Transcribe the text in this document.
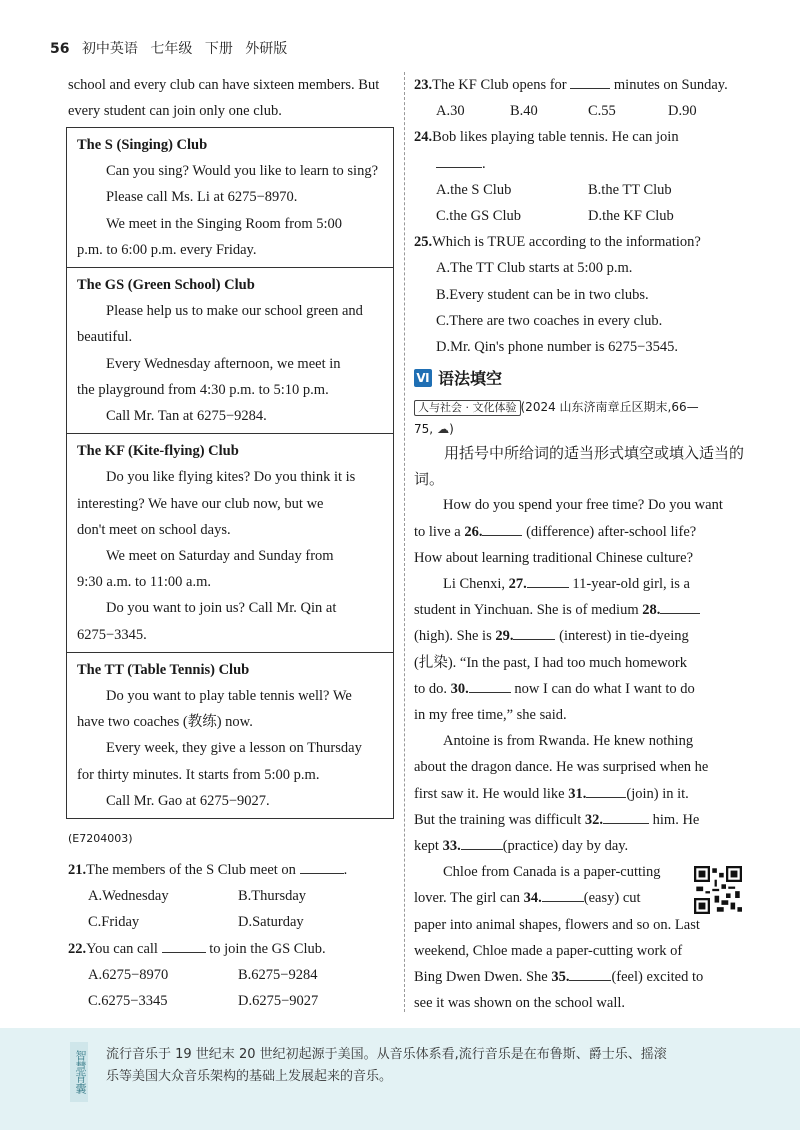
56 初中英语 七年级 下册 外研版

school and every club can have sixteen members. But

every student can join only one club.

The S (Singing) Club

Can you sing? Would you like to learn to sing?

Please call Ms. Li at 6275−8970.

We meet in the Singing Room from 5:00

p.m. to 6:00 p.m. every Friday.

The GS (Green School) Club

Please help us to make our school green and

beautiful.

Every Wednesday afternoon, we meet in

the playground from 4:30 p.m. to 5:10 p.m.

Call Mr. Tan at 6275−9284.

The KF (Kite-flying) Club

Do you like flying kites? Do you think it is

interesting? We have our club now, but we

don't meet on school days.

We meet on Saturday and Sunday from

9:30 a.m. to 11:00 a.m.

Do you want to join us? Call Mr. Qin at

6275−3345.

The TT (Table Tennis) Club

Do you want to play table tennis well? We

have two coaches (教练) now.

Every week, they give a lesson on Thursday

for thirty minutes. It starts from 5:00 p.m.

Call Mr. Gao at 6275−9027.

(E7204003)

21.The members of the S Club meet on	.

A.Wednesday	B.Thursday
C.Friday	D.Saturday

22.You can call	to join the GS Club.

A.6275−8970	B.6275−9284
C.6275−3345	D.6275−9027

23.The KF Club opens for	minutes on Sunday.

A.30	B.40	C.55	D.90

24.Bob likes playing table tennis. He can join

.

A.the S Club	B.the TT Club
C.the GS Club	D.the KF Club

25.Which is TRUE according to the information?

A.The TT Club starts at 5:00 p.m.

B.Every student can be in two clubs.

C.There are two coaches in every club.

D.Mr. Qin's phone number is 6275−3545.

Ⅵ 语法填空
人与社会 · 文化体验 (2024 山东济南章丘区期末,66—
75, ☁)

用括号中所给词的适当形式填空或填入适当的词。

How do you spend your free time? Do you want

to live a 26.	(difference) after-school life?

How about learning traditional Chinese culture?

Li Chenxi, 27.	11-year-old girl, is a

student in Yinchuan. She is of medium 28.

(high). She is 29.	(interest) in tie-dyeing

(扎染). “In the past, I had too much homework

to do. 30.	now I can do what I want to do

in my free time,” she said.

Antoine is from Rwanda. He knew nothing

about the dragon dance. He was surprised when he

first saw it. He would like 31.	(join) in it.

But the training was difficult 32.	him. He

kept 33.	(practice) day by day.

Chloe from Canada is a paper-cutting

lover. The girl can 34.	(easy) cut

paper into animal shapes, flowers and so on. Last

weekend, Chloe made a paper-cutting work of

Bing Dwen Dwen. She 35.	(feel) excited to

see it was shown on the school wall.

智慧背囊 流行音乐于 19 世纪末 20 世纪初起源于美国。从音乐体系看,流行音乐是在布鲁斯、爵士乐、摇滚
乐等美国大众音乐架构的基础上发展起来的音乐。
